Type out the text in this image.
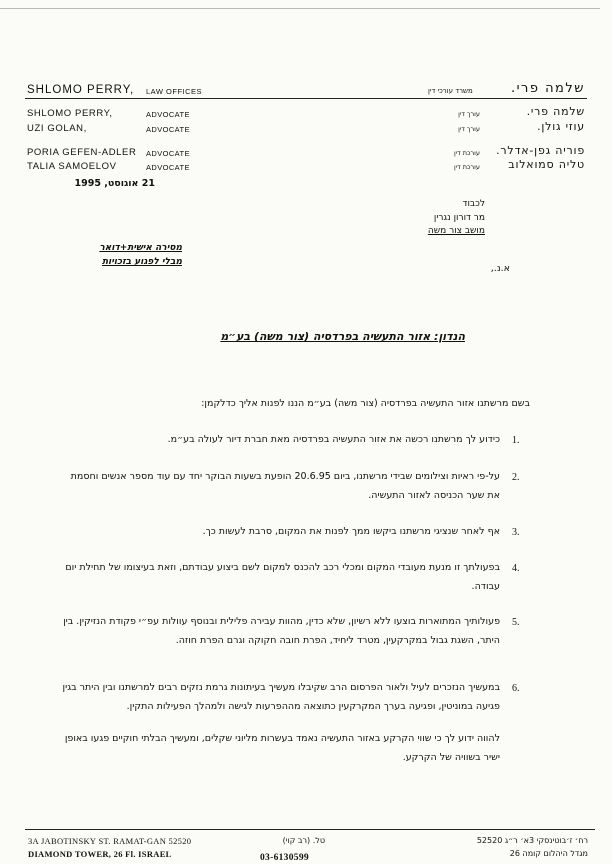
SHLOMO PERRY, LAW OFFICES	משרד עורכי דין	שלמה פרי.
SHLOMO PERRY,	ADVOCATE	עורך דין	שלמה פרי.
UZI GOLAN,	ADVOCATE	עורך דין	עוזי גולן.
PORIA GEFEN-ADLER ADVOCATE	עורכת דין	פוריה גפן-אדלר.
TALIA SAMOELOV	ADVOCATE	עורכת דין	טליה סמואלוב
21 אוגוסט, 1995
לכבוד
מר דורון נגרין
מושב צור משה
מסירה אישית+דואר
מבלי לפגוע בזכויות
א.נ.,
הנדון: אזור התעשיה בפרדסיה (צור משה) בע״מ
בשם מרשתנו אזור התעשיה בפרדסיה (צור משה) בע״מ הננו לפנות אליך כדלקמן:
1.
כידוע לך מרשתנו רכשה את אזור התעשיה בפרדסיה מאת חברת דיור לעולה בע״מ.
2.
על-פי ראיות וצילומים שבידי מרשתנו, ביום 20.6.95 הופעת בשעות הבוקר יחד עם עוד מספר אנשים וחסמת את שער הכניסה לאזור התעשיה.
3.
אף לאחר שנציגי מרשתנו ביקשו ממך לפנות את המקום, סרבת לעשות כך.
4.
בפעולתך זו מנעת מעובדי המקום ומכלי רכב להכנס למקום לשם ביצוע עבודתם, וזאת בעיצומו של תחילת יום עבודה.
5.
פעולותיך המתוארות בוצעו ללא רשיון, שלא כדין, מהוות עבירה פלילית ובנוסף עוולות עפ״י פקודת הנזיקין. בין היתר, השגת גבול במקרקעין, מטרד ליחיד, הפרת חובה חקוקה וגרם הפרת חוזה.
6.
במעשיך הנזכרים לעיל ולאור הפרסום הרב שקיבלו מעשיך בעיתונות גרמת נזקים רבים למרשתנו ובין היתר בגין פגיעה במוניטין, ופגיעה בערך המקרקעין כתוצאה מההפרעות לגישה ולמהלך הפעילות התקין.
להווה ידוע לך כי שווי הקרקע באזור התעשיה נאמד בעשרות מליוני שקלים, ומעשיך הבלתי חוקיים פגעו באופן ישיר בשוויה של הקרקע.
3A JABOTINSKY ST. RAMAT-GAN 52520
DIAMOND TOWER, 26 Fl. ISRAEL
טל. (רב קוי)
03-6130599
רח׳ ז׳בוטינסקי 3א׳ ר״ג 52520
מגדל היהלום קומה 26
